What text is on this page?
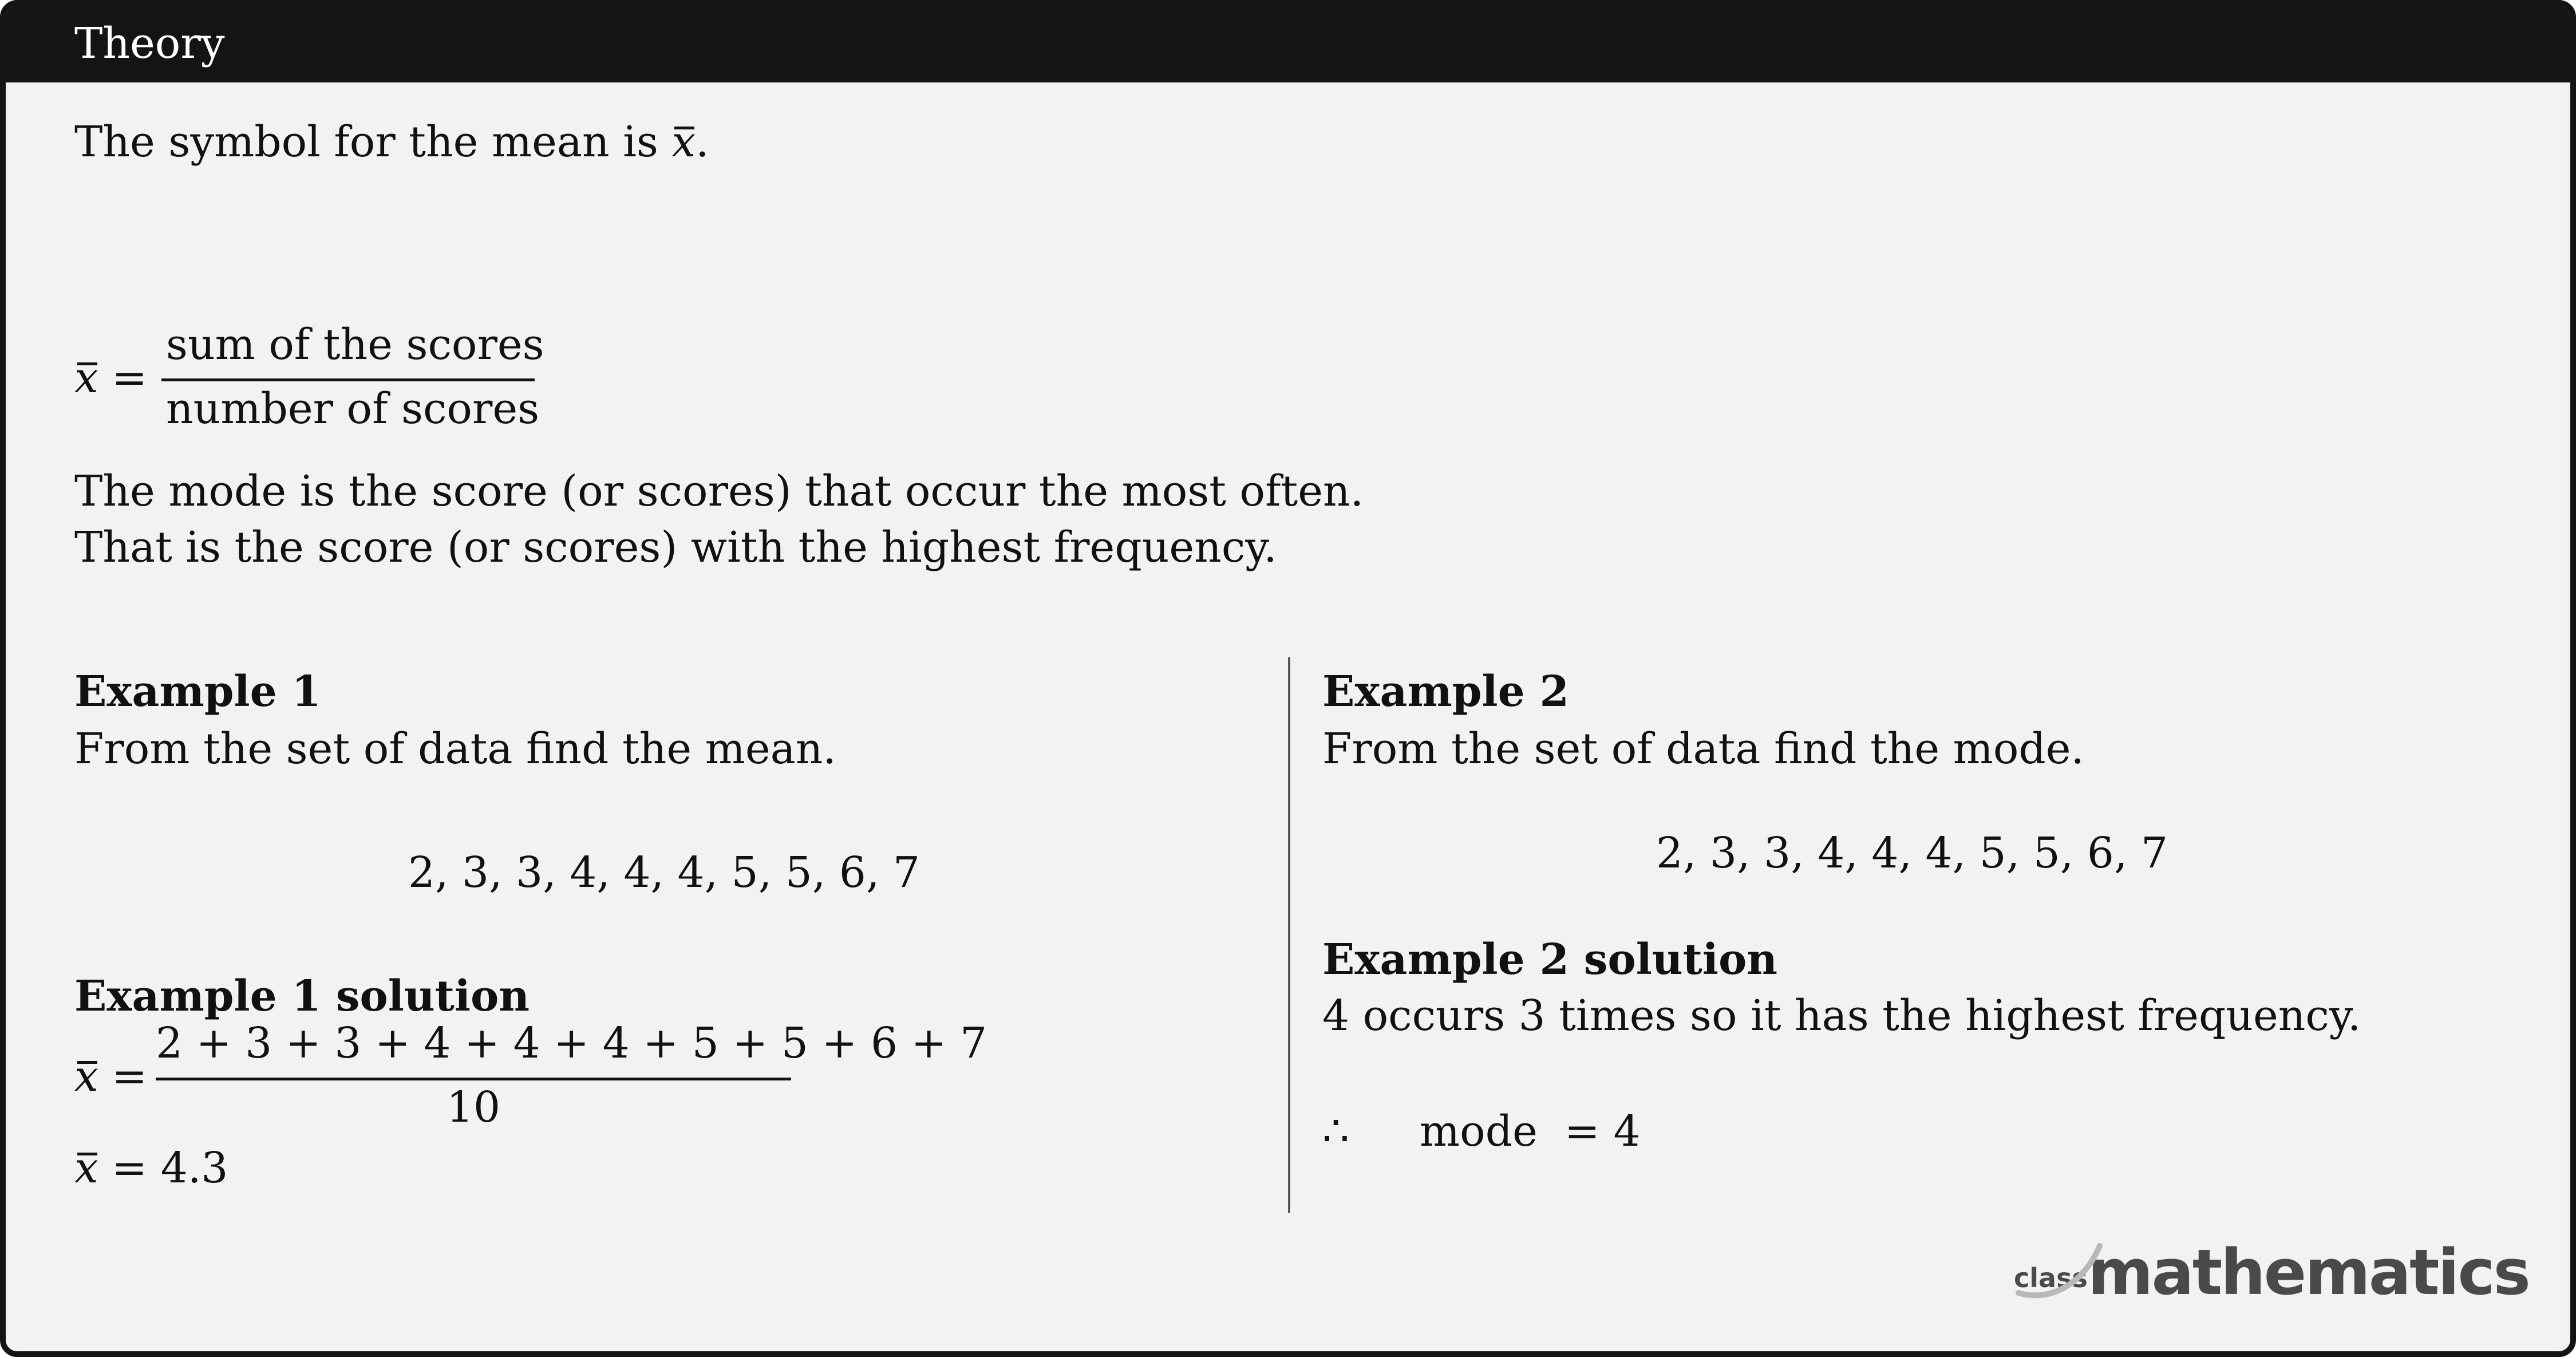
Theory
The symbol for the mean is x.
x =
sum of the scores
number of scores
The mode is the score (or scores) that occur the most often.
That is the score (or scores) with the highest frequency.
Example 1
From the set of data find the mean.
2, 3, 3, 4, 4, 4, 5, 5, 6, 7
Example 1 solution
x =
2 + 3 + 3 + 4 + 4 + 4 + 5 + 5 + 6 + 7
10
x = 4.3
Example 2
From the set of data find the mode.
2, 3, 3, 4, 4, 4, 5, 5, 6, 7
Example 2 solution
4 occurs 3 times so it has the highest frequency.
∴ mode  = 4
classmathematics
